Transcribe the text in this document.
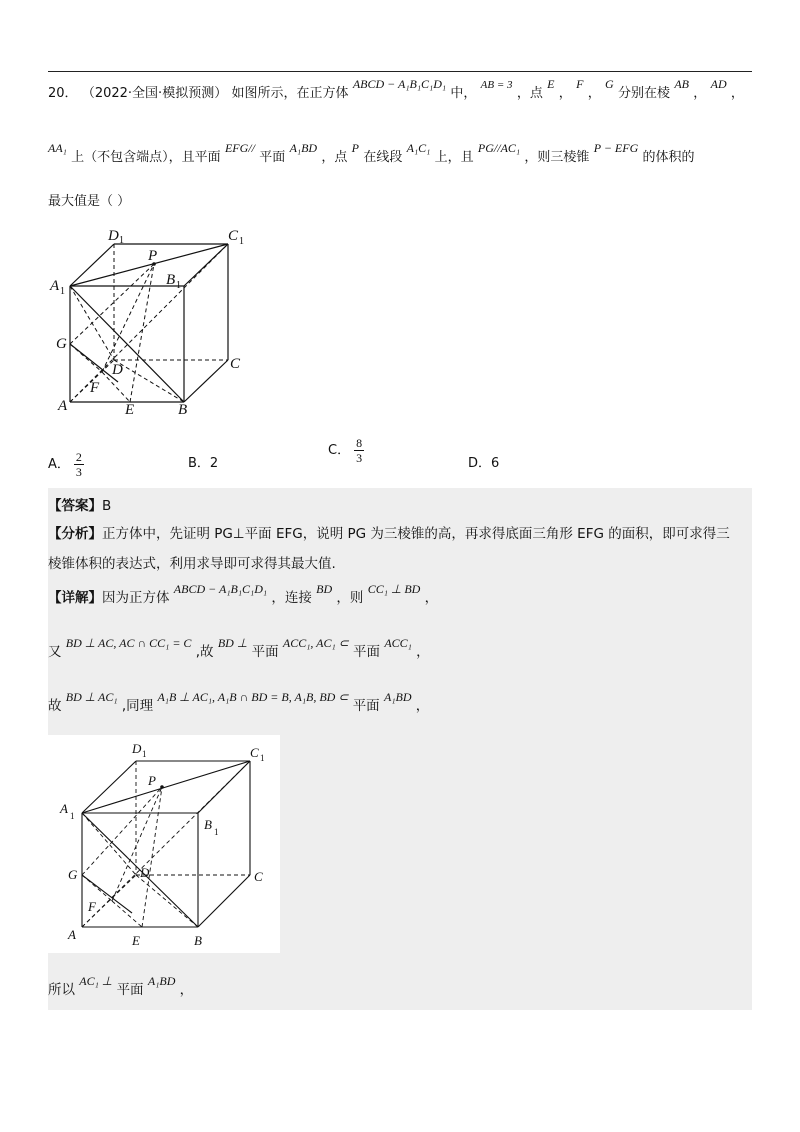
20． （2022·全国·模拟预测） 如图所示，在正方体 ABCD − A₁B₁C₁D₁ 中， $^{AB = 3}$ ，点 E ， F ， G 分别在棱 AB ， AD ，
AA₁ 上（不包含端点），且平面 EFG// 平面 A₁BD ，点 P 在线段 A₁C₁ 上，且 PG//AC₁ ，则三棱锥 P − EFG 的体积的
最大值是（ ）
D 1	C 1
A 1
B 1
P
G
D	C
F
A	E	B
A． $\frac{2}{3}$	B．2
C． $\frac{8}{3}$	D．6
【答案】B
【分析】正方体中，先证明 PG⊥平面 EFG，说明 PG 为三棱锥的高，再求得底面三角形 EFG 的面积，即可求得三
棱锥体积的表达式，利用求导即可求得其最大值.
【详解】因为正方体 ABCD − A₁B₁C₁D₁ ，连接 BD ，则 CC₁ ⊥ BD ，
又 BD ⊥ AC, AC ∩ CC₁ = C ,故 BD ⊥ 平面 ACC₁, AC₁ ⊂ 平面 ACC₁ ，
故 BD ⊥ AC₁ ,同理 A₁B ⊥ AC₁, A₁B ∩ BD = B, A₁B, BD ⊂ 平面 A₁BD ，
所以 AC₁ ⊥ 平面 A₁BD ，
D 1	C 1
A 1
B 1
P
G	D	C
F
A	E	B
